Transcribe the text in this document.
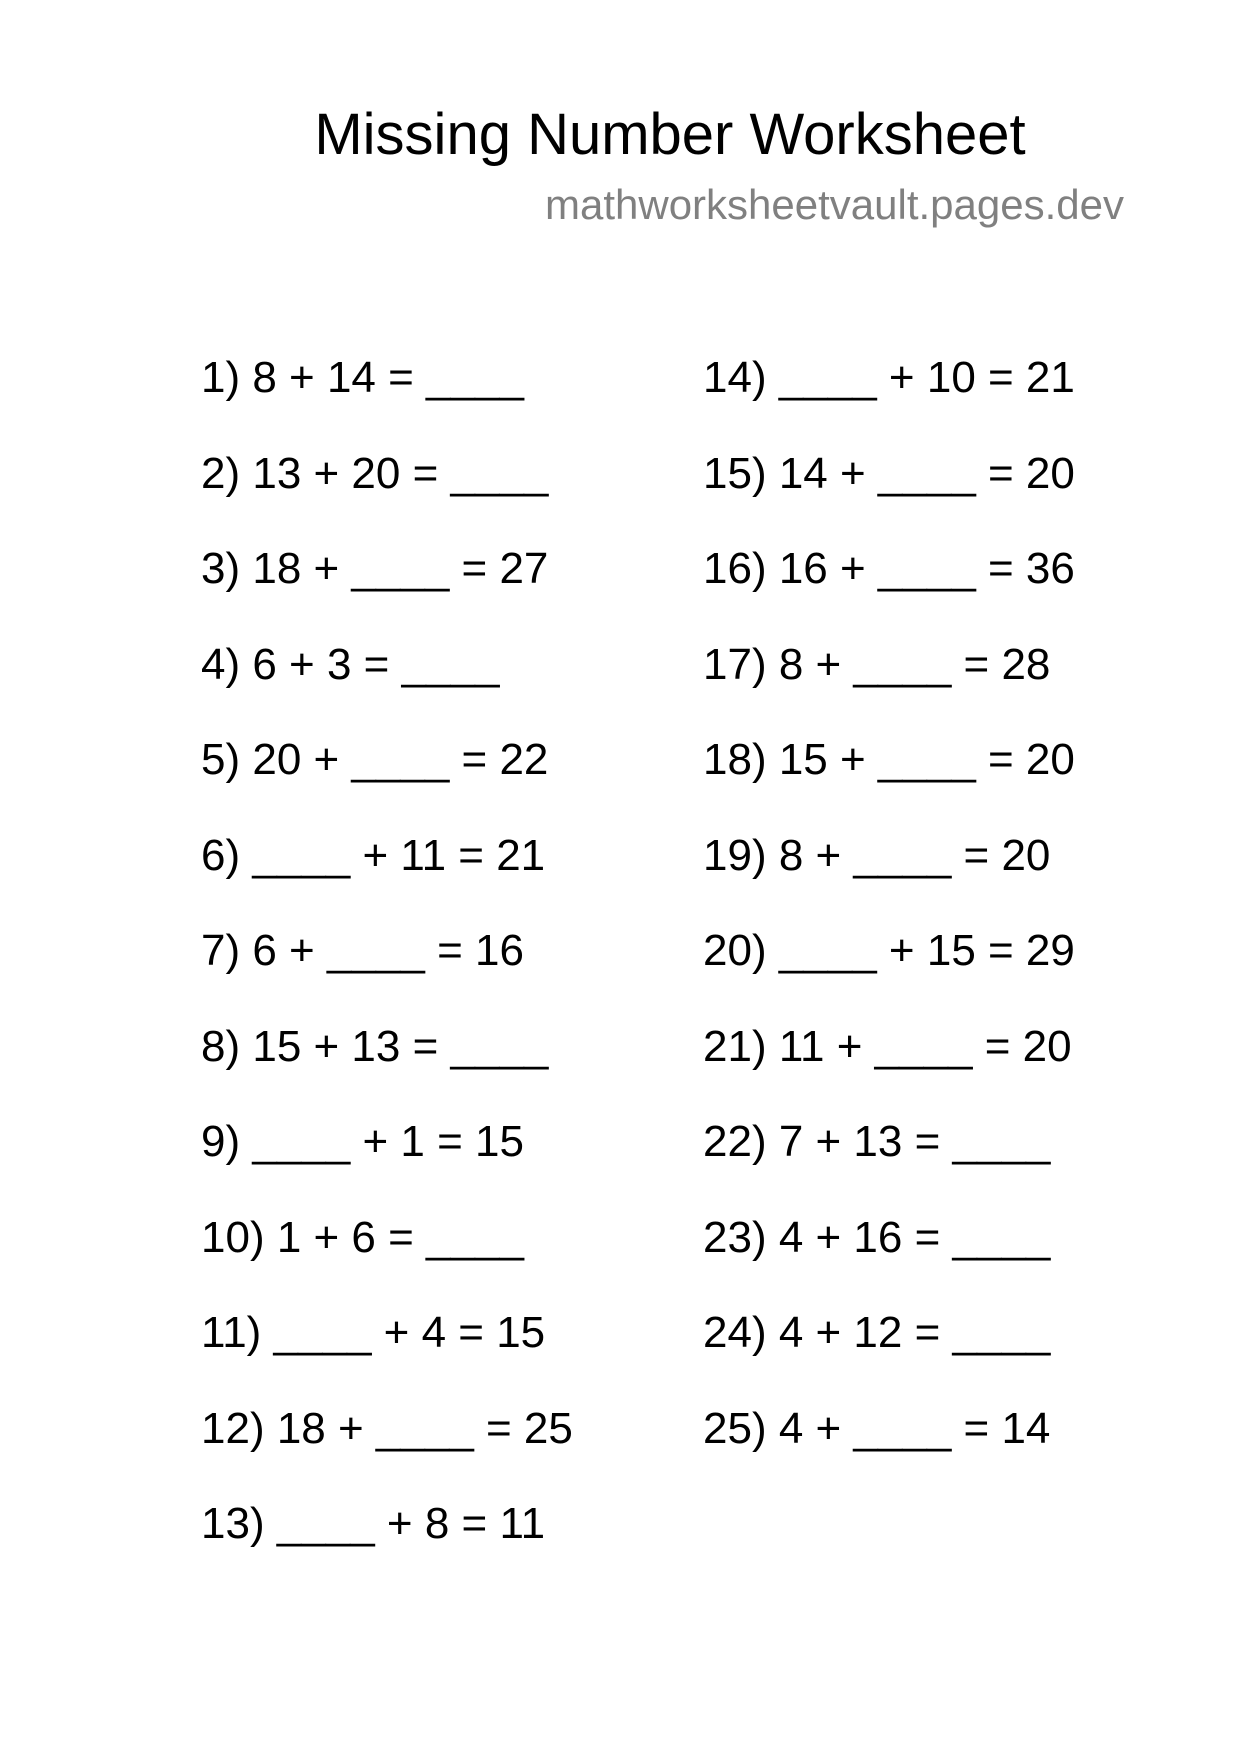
Missing Number Worksheet
mathworksheetvault.pages.dev
1) 8 + 14 = ____
2) 13 + 20 = ____
3) 18 + ____ = 27
4) 6 + 3 = ____
5) 20 + ____ = 22
6) ____ + 11 = 21
7) 6 + ____ = 16
8) 15 + 13 = ____
9) ____ + 1 = 15
10) 1 + 6 = ____
11) ____ + 4 = 15
12) 18 + ____ = 25
13) ____ + 8 = 11
14) ____ + 10 = 21
15) 14 + ____ = 20
16) 16 + ____ = 36
17) 8 + ____ = 28
18) 15 + ____ = 20
19) 8 + ____ = 20
20) ____ + 15 = 29
21) 11 + ____ = 20
22) 7 + 13 = ____
23) 4 + 16 = ____
24) 4 + 12 = ____
25) 4 + ____ = 14
